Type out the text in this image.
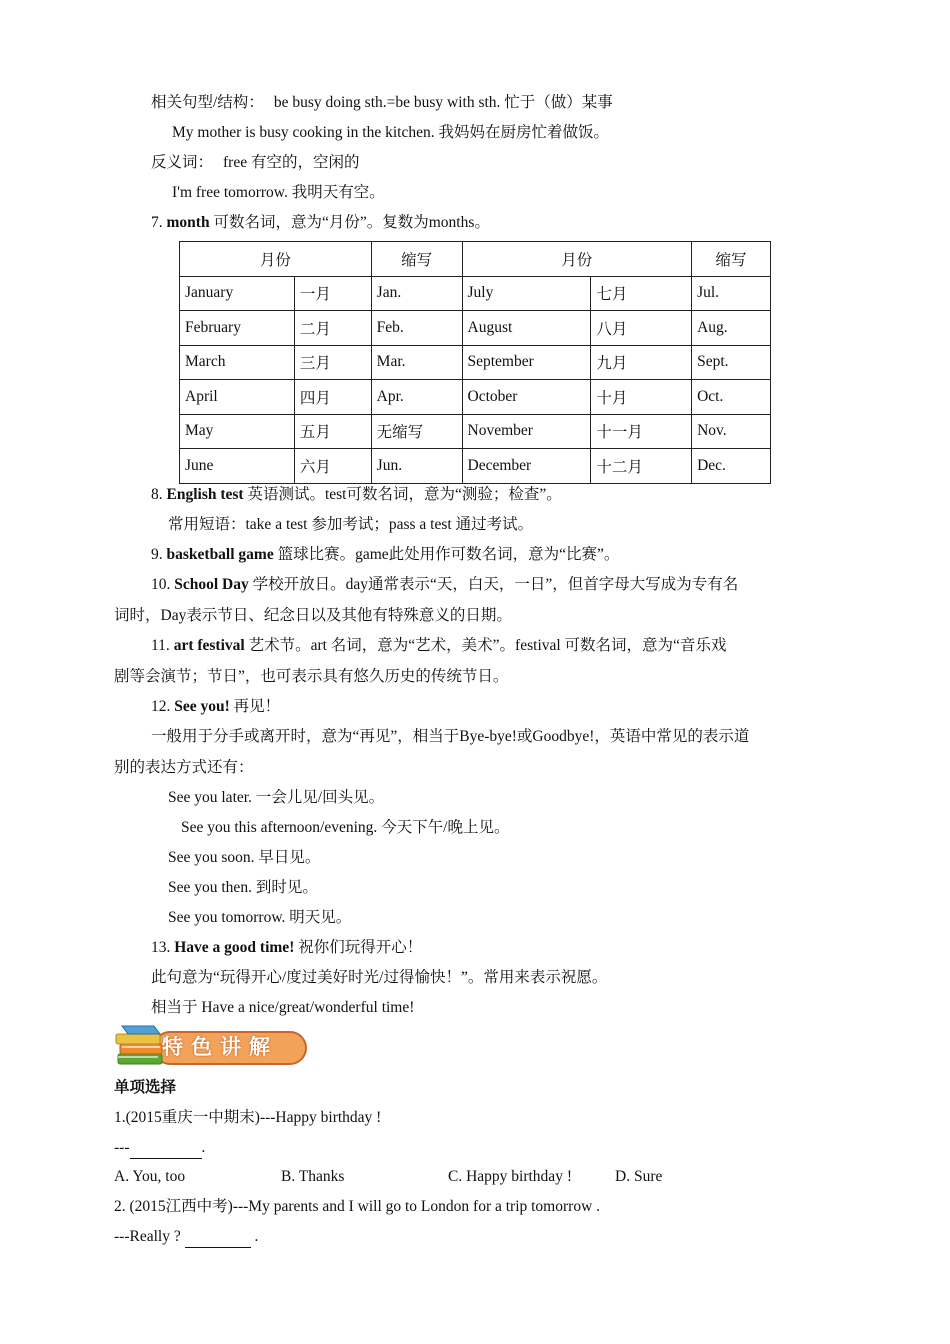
相关句型/结构： be busy doing sth.=be busy with sth. 忙于（做）某事
My mother is busy cooking in the kitchen. 我妈妈在厨房忙着做饭。
反义词： free 有空的，空闲的
I'm free tomorrow. 我明天有空。
7. month 可数名词，意为“月份”。复数为months。
月份		缩写	月份		缩写
January	一月	Jan.	July	七月	Jul.
February	二月	Feb.	August	八月	Aug.
March	三月	Mar.	September	九月	Sept.
April	四月	Apr.	October	十月	Oct.
May	五月	无缩写	November	十一月	Nov.
June	六月	Jun.	December	十二月	Dec.
8. English test 英语测试。test可数名词，意为“测验；检查”。
常用短语：take a test 参加考试；pass a test 通过考试。
9. basketball game 篮球比赛。game此处用作可数名词，意为“比赛”。
10. School Day 学校开放日。day通常表示“天，白天，一日”，但首字母大写成为专有名
词时，Day表示节日、纪念日以及其他有特殊意义的日期。
11. art festival 艺术节。art 名词，意为“艺术，美术”。festival 可数名词，意为“音乐戏
剧等会演节；节日”，也可表示具有悠久历史的传统节日。
12. See you! 再见！
一般用于分手或离开时，意为“再见”，相当于Bye-bye!或Goodbye!，英语中常见的表示道
别的表达方式还有：
See you later. 一会儿见/回头见。
See you this afternoon/evening. 今天下午/晚上见。
See you soon. 早日见。
See you then. 到时见。
See you tomorrow. 明天见。
13. Have a good time! 祝你们玩得开心！
此句意为“玩得开心/度过美好时光/过得愉快！”。常用来表示祝愿。
相当于 Have a nice/great/wonderful time!
特色讲解
单项选择
1.(2015重庆一中期末)---Happy birthday !
---	.
A. You, too	B. Thanks	C. Happy birthday !	D. Sure
2. (2015江西中考)---My parents and I will go to London for a trip tomorrow .
---Really ?	.
